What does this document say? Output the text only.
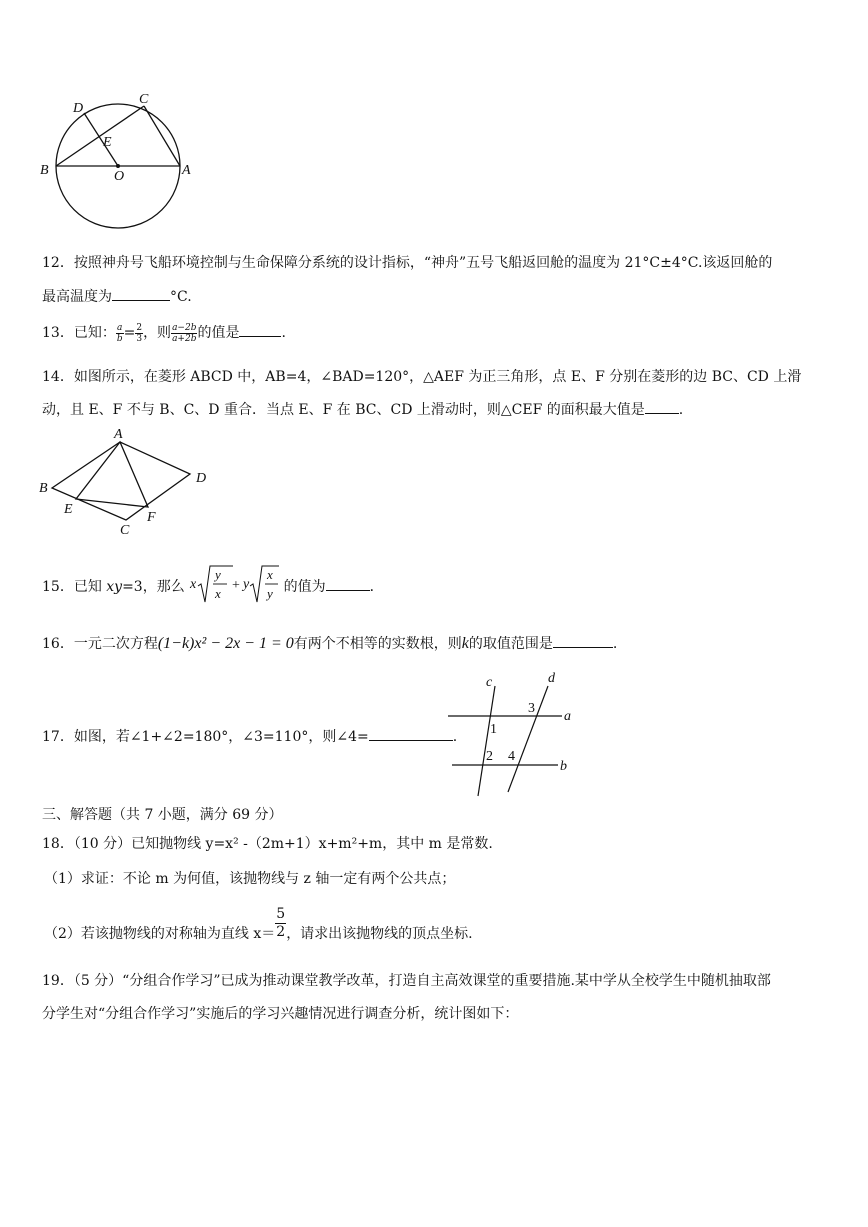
D
C
E
B	O	A
12．按照神舟号飞船环境控制与生命保障分系统的设计指标，“神舟”五号飞船返回舱的温度为 21°C±4°C.该返回舱的
最高温度为	°C.
13．已知： $\frac{a}{b} = \frac{2}{3}$ ，则 $\frac{a-2b}{a+2b}$ 的值是	.
14．如图所示，在菱形 ABCD 中，AB=4，∠BAD=120°，△AEF 为正三角形，点 E、F 分别在菱形的边 BC、CD 上滑
动，且 E、F 不与 B、C、D 重合．当点 E、F 在 BC、CD 上滑动时，则△CEF 的面积最大值是 .
A
B
D
E
C
F
15．已知 xy=3，那么 x
y
x
+ y
x
y 的值为	．
16．一元二次方程(1−k)x² − 2x − 1 = 0有两个不相等的实数根，则k的取值范围是	.
17．如图，若∠1+∠2=180°，∠3=110°，则∠4=	.
c	d
a
b
1
2
3
4
三、解答题（共 7 小题，满分 69 分）
18．（10 分）已知抛物线 y=x² -（2m+1）x+m²+m，其中 m 是常数.
（1）求证：不论 m 为何值，该抛物线与 z 轴一定有两个公共点；
（2）若该抛物线的对称轴为直线 $x= \frac{5}{2}$ ，请求出该抛物线的顶点坐标.
19．（5 分）“分组合作学习”已成为推动课堂教学改革，打造自主高效课堂的重要措施.某中学从全校学生中随机抽取部
分学生对“分组合作学习”实施后的学习兴趣情况进行调查分析，统计图如下：
